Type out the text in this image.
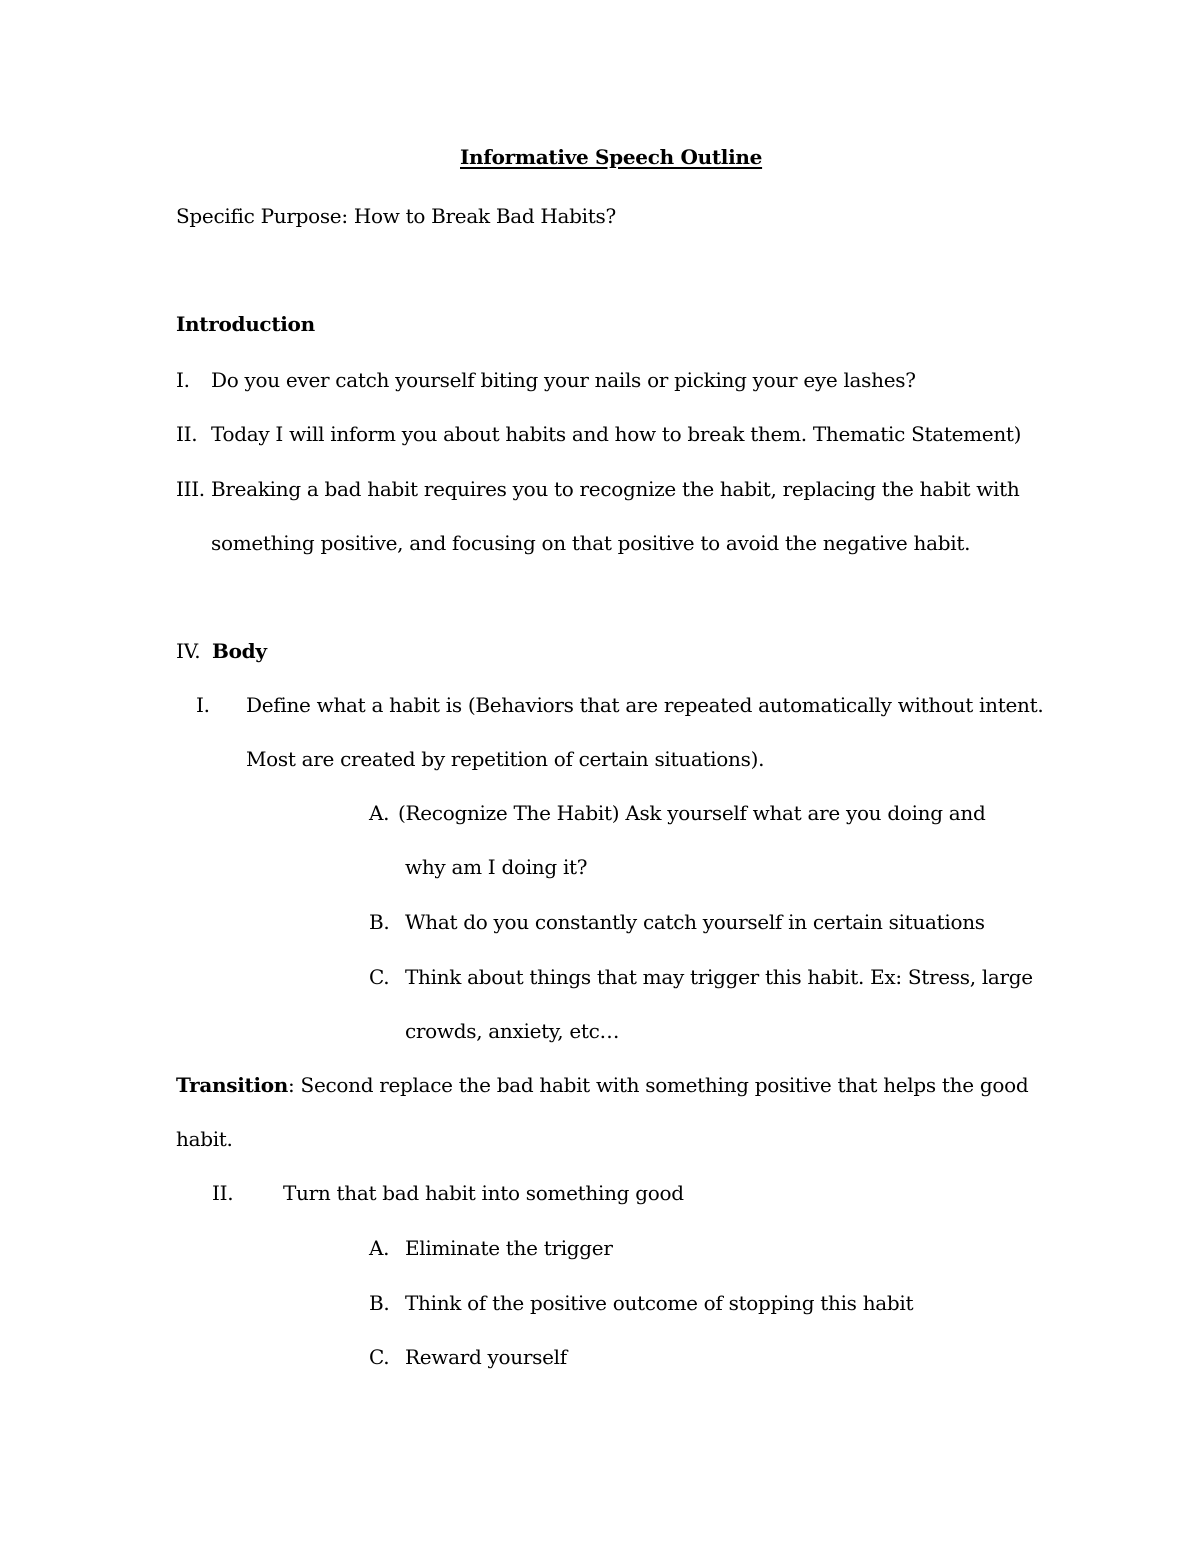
Informative Speech Outline
Specific Purpose: How to Break Bad Habits?
Introduction
I. Do you ever catch yourself biting your nails or picking your eye lashes?
II. Today I will inform you about habits and how to break them. Thematic Statement)
III. Breaking a bad habit requires you to recognize the habit, replacing the habit with
something positive, and focusing on that positive to avoid the negative habit.
IV. Body
I. Define what a habit is (Behaviors that are repeated automatically without intent.
Most are created by repetition of certain situations).
A. (Recognize The Habit) Ask yourself what are you doing and
why am I doing it?
B. What do you constantly catch yourself in certain situations
C. Think about things that may trigger this habit. Ex: Stress, large
crowds, anxiety, etc…
Transition: Second replace the bad habit with something positive that helps the good
habit.
II. Turn that bad habit into something good
A. Eliminate the trigger
B. Think of the positive outcome of stopping this habit
C. Reward yourself
